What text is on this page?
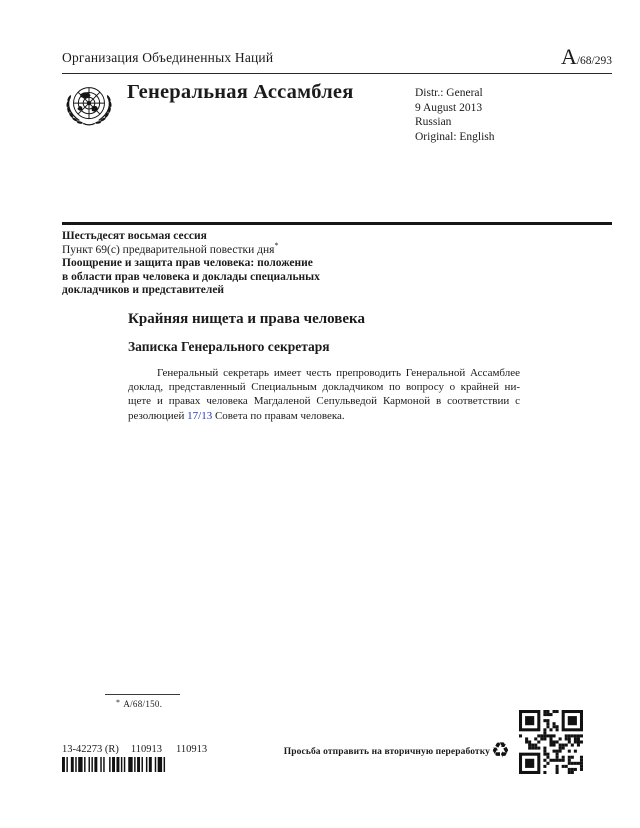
Организация Объединенных Наций	A/68/293
Генеральная Ассамблея	Distr.: General
9 August 2013
Russian
Original: English
Шестьдесят восьмая сессия
Пункт 69(c) предварительной повестки дня*
Поощрение и защита прав человека: положение
в области прав человека и доклады специальных
докладчиков и представителей
Крайняя нищета и права человека
Записка Генерального секретаря
Генеральный секретарь имеет честь препроводить Генеральной Ассамблее
доклад, представленный Специальным докладчиком по вопросу о крайней ни-
щете и правах человека Магдаленой Сепульведой Кармоной в соответствии с
резолюцией 17/13 Совета по правам человека.
* A/68/150.
13-42273 (R) 110913 110913	Просьба отправить на вторичную переработку ♻
